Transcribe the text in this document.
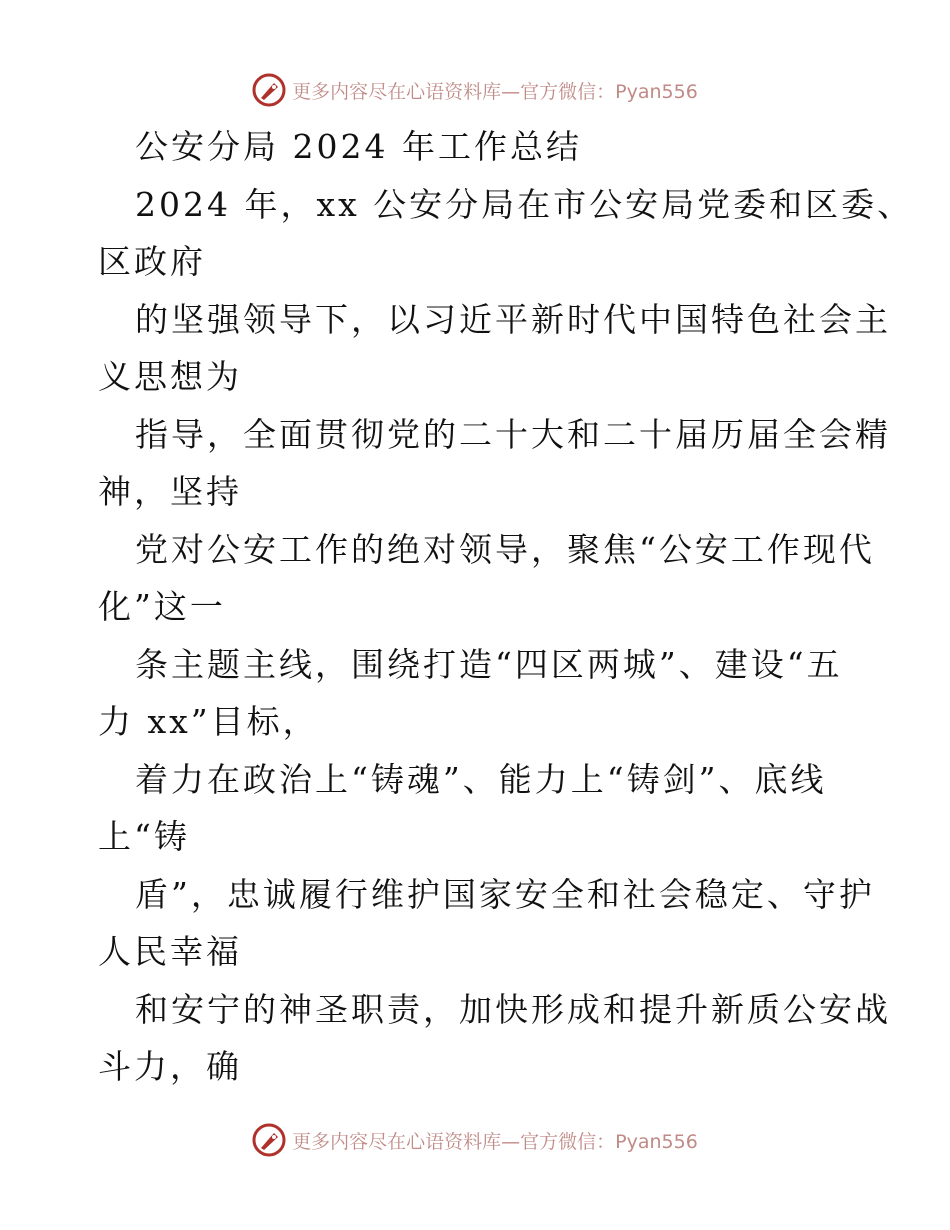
更多内容尽在心语资料库—官方微信：Pyan556
公安分局 2024 年工作总结
2024 年，xx 公安分局在市公安局党委和区委、
区政府
的坚强领导下，以习近平新时代中国特色社会主
义思想为
指导，全面贯彻党的二十大和二十届历届全会精
神，坚持
党对公安工作的绝对领导，聚焦“公安工作现代
化”这一
条主题主线，围绕打造“四区两城”、建设“五
力 xx”目标，
着力在政治上“铸魂”、能力上“铸剑”、底线
上“铸
盾”，忠诚履行维护国家安全和社会稳定、守护
人民幸福
和安宁的神圣职责，加快形成和提升新质公安战
斗力，确
更多内容尽在心语资料库—官方微信：Pyan556
